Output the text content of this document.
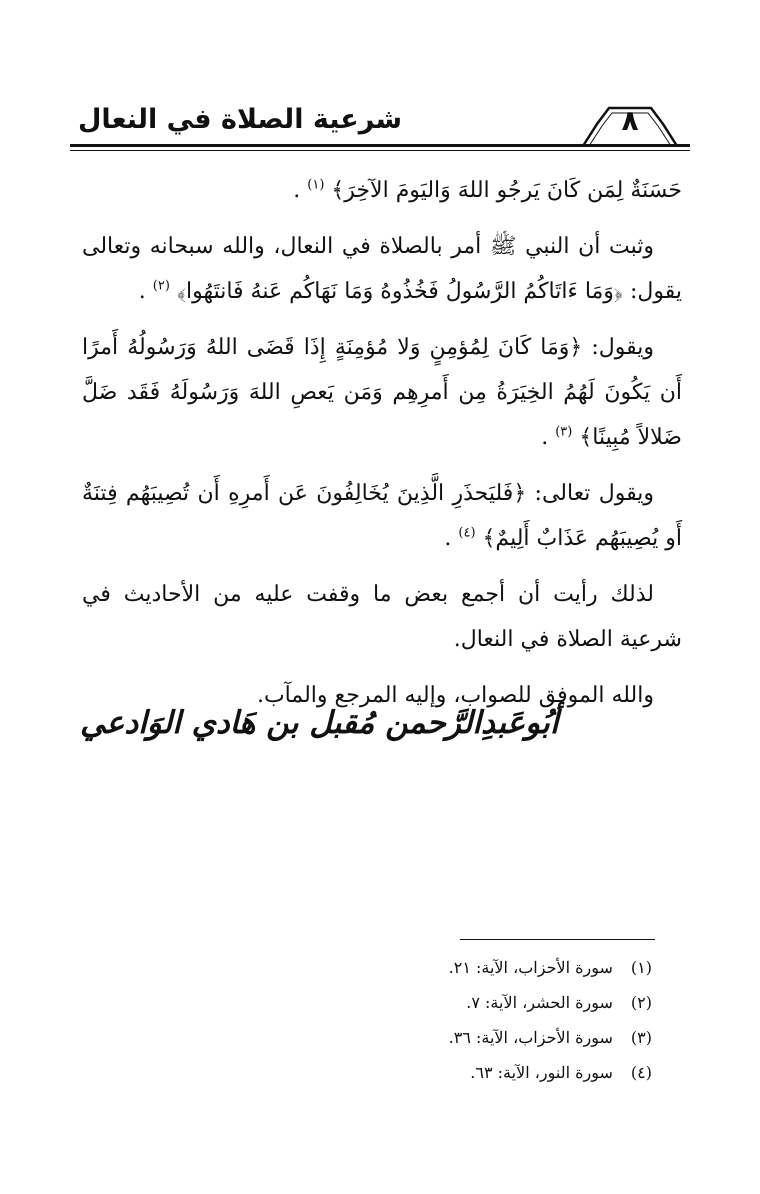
شرعية الصلاة في النعال	٨

حَسَنَةٌ لِمَن كَانَ يَرجُو اللهَ وَاليَومَ الآخِرَ﴾ $^{(١)}$ .

وثبت أن النبي ﷺ أمر بالصلاة في النعال، والله سبحانه وتعالى يقول: ﴿وَمَا ءَاتَاكُمُ الرَّسُولُ فَخُذُوهُ وَمَا نَهَاكُم عَنهُ فَانتَهُوا﴾ $^{(٢)}$ .

ويقول: ﴿وَمَا كَانَ لِمُؤمِنٍ وَلا مُؤمِنَةٍ إِذَا قَضَى اللهُ وَرَسُولُهُ أَمرًا أَن يَكُونَ لَهُمُ الخِيَرَةُ مِن أَمرِهِم وَمَن يَعصِ اللهَ وَرَسُولَهُ فَقَد ضَلَّ ضَلالاً مُبِينًا﴾ $^{(٣)}$ .

ويقول تعالى: ﴿فَليَحذَرِ الَّذِينَ يُخَالِفُونَ عَن أَمرِهِ أَن تُصِيبَهُم فِتنَةٌ أَو يُصِيبَهُم عَذَابٌ أَلِيمٌ﴾ $^{(٤)}$ .

لذلك رأيت أن أجمع بعض ما وقفت عليه من الأحاديث في شرعية الصلاة في النعال.

والله الموفق للصواب، وإليه المرجع والمآب.

أبُوعَبدِالرَّحمن مُقبل بن هَادي الوَادعي
(١) سورة الأحزاب، الآية: ٢١.
(٢) سورة الحشر، الآية: ٧.
(٣) سورة الأحزاب، الآية: ٣٦.
(٤) سورة النور، الآية: ٦٣.
